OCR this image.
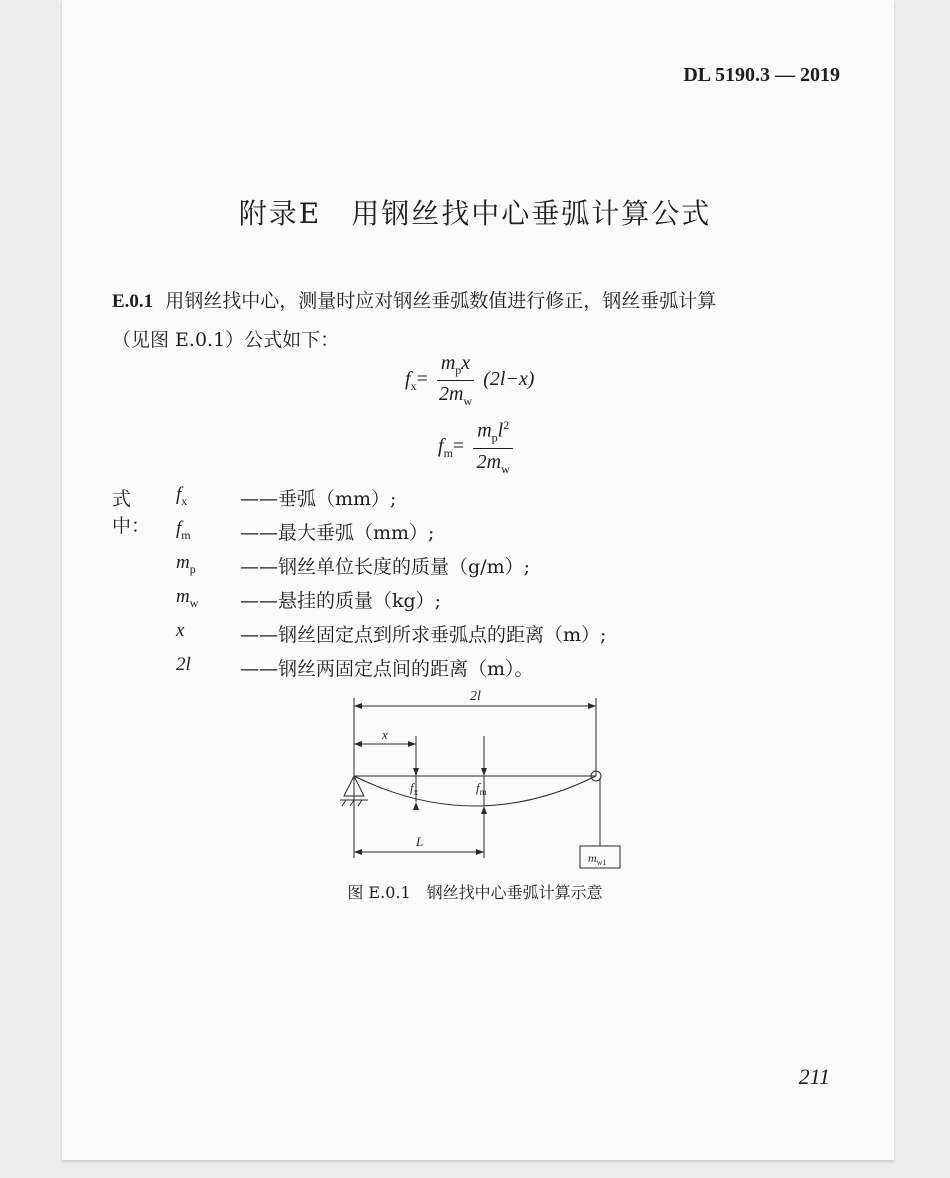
DL 5190.3 — 2019
附录E　用钢丝找中心垂弧计算公式
E.0.1 用钢丝找中心，测量时应对钢丝垂弧数值进行修正，钢丝垂弧计算（见图 E.0.1）公式如下：
$f_x= \frac{m_px}{2m_w} (2l-x)$
$f_m= \frac{m_pl^2}{2m_w}$
式中：
$f_x$	——垂弧（mm）;
$f_m$	——最大垂弧（mm）;
$m_p$ ——钢丝单位长度的质量（g/m）;
$m_w$ ——悬挂的质量（kg）;
x	——钢丝固定点到所求垂弧点的距离（m）;
2l	——钢丝两固定点间的距离（m）。
2l
x
$f_x$	$f_m$
L
$m_{w1}$
图 E.0.1　钢丝找中心垂弧计算示意
211
